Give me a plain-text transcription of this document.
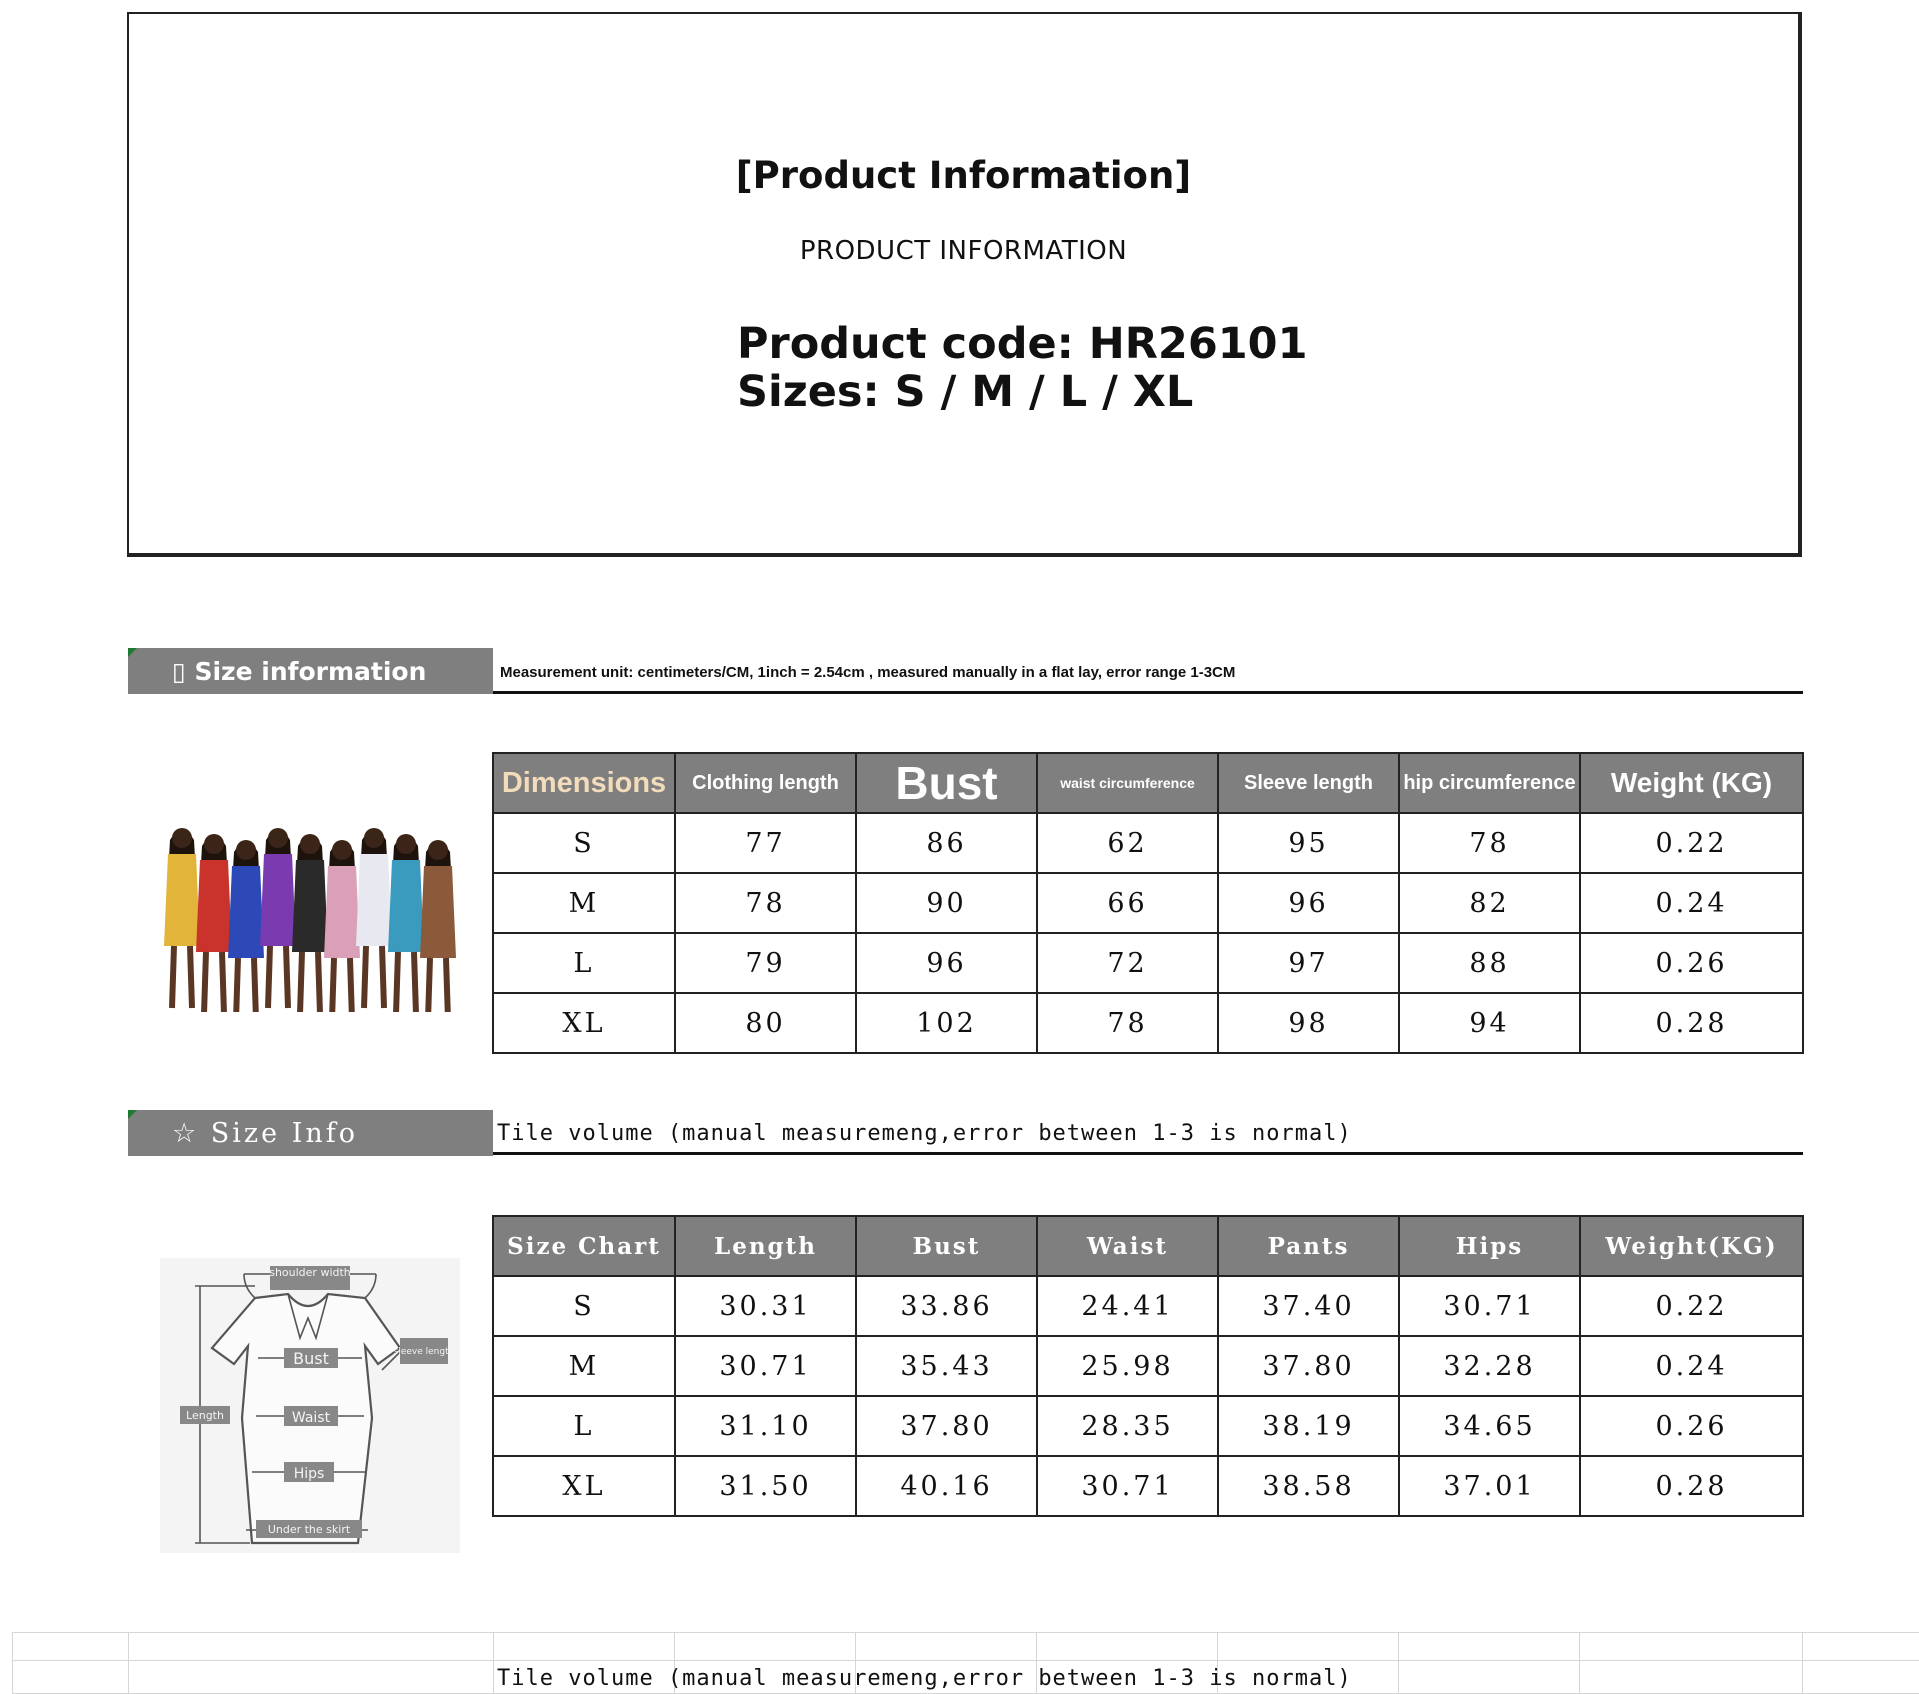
[Product Information]
PRODUCT INFORMATION
Product code: HR26101
Sizes: S / M / L / XL
▯ Size information	Measurement unit: centimeters/CM, 1inch = 2.54cm , measured manually in a flat lay, error range 1-3CM
Dimensions	Clothing length	Bust	waist circumference	Sleeve length	hip circumference	Weight (KG)
S	77	86	62	95	78	0.22
M	78	90	66	96	82	0.24
L	79	96	72	97	88	0.26
XL	80	102	78	98	94	0.28
☆ Size Info	Tile volume (manual measuremeng,error between 1-3 is normal)
shoulder width
sleeve length
Bust
Length	Waist
Hips
Under the skirt
Size Chart	Length	Bust	Waist	Pants	Hips	Weight(KG)
S	30.31	33.86	24.41	37.40	30.71	0.22
M	30.71	35.43	25.98	37.80	32.28	0.24
L	31.10	37.80	28.35	38.19	34.65	0.26
XL	31.50	40.16	30.71	38.58	37.01	0.28
Tile volume (manual measuremeng,error between 1-3 is normal)
